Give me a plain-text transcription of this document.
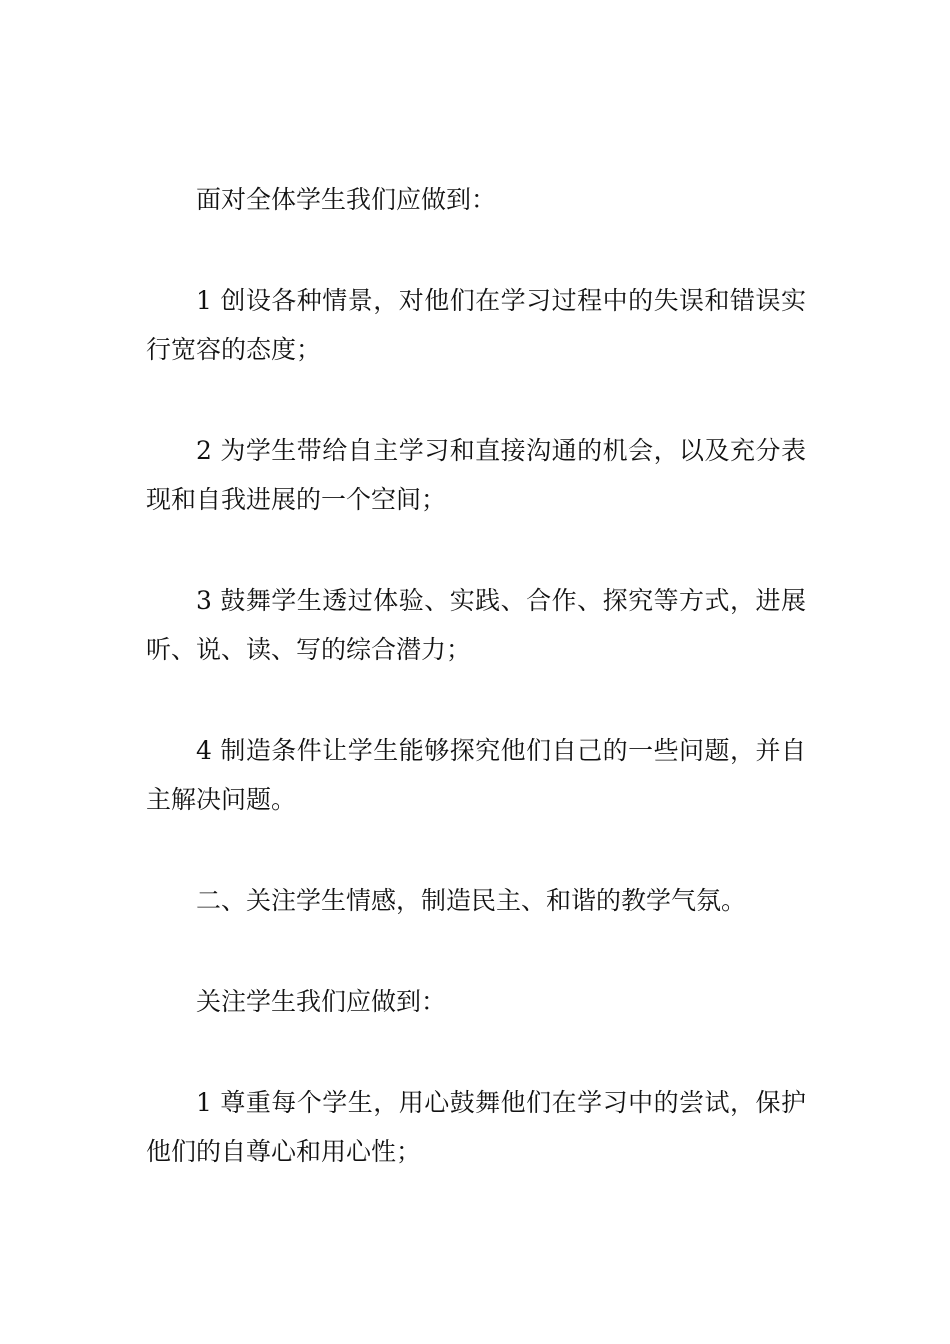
面对全体学生我们应做到：

1 创设各种情景，对他们在学习过程中的失误和错误实行宽容的态度；

2 为学生带给自主学习和直接沟通的机会，以及充分表现和自我进展的一个空间；

3 鼓舞学生透过体验、实践、合作、探究等方式，进展听、说、读、写的综合潜力；

4 制造条件让学生能够探究他们自己的一些问题，并自主解决问题。

二、关注学生情感，制造民主、和谐的教学气氛。

关注学生我们应做到：

1 尊重每个学生，用心鼓舞他们在学习中的尝试，保护他们的自尊心和用心性；
